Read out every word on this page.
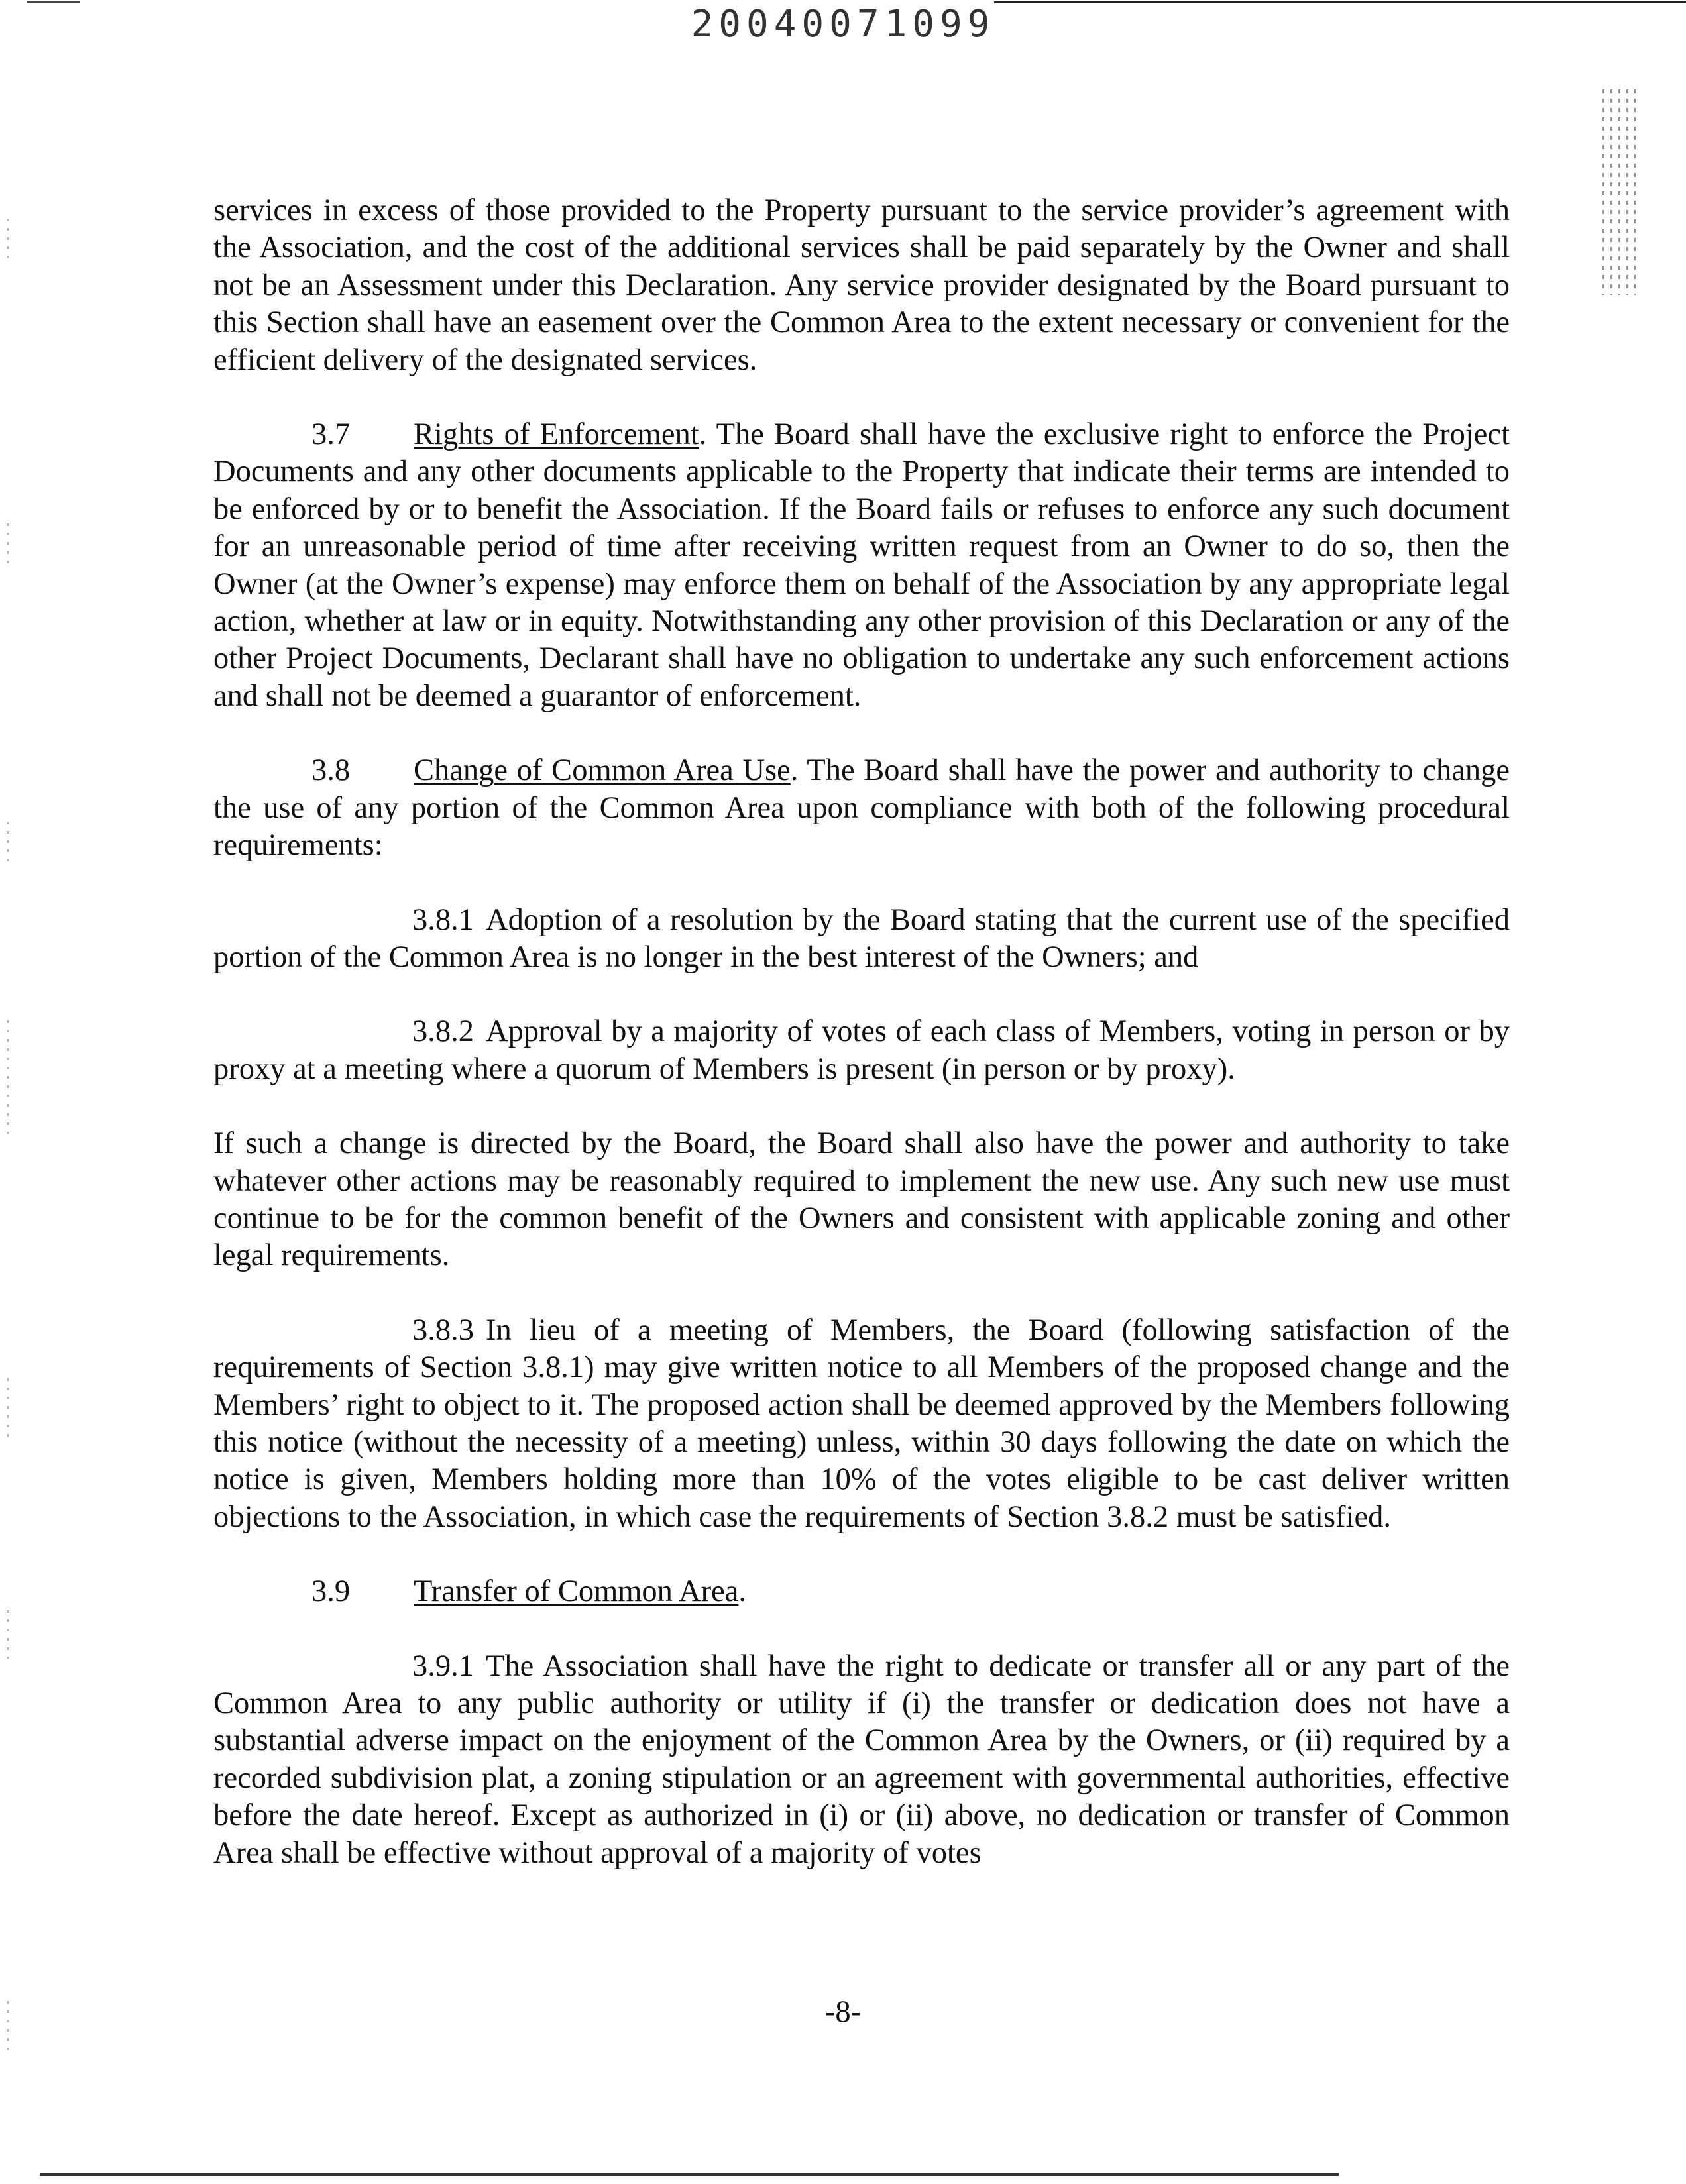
20040071099

services in excess of those provided to the Property pursuant to the service provider’s agreement with the Association, and the cost of the additional services shall be paid separately by the Owner and shall not be an Assessment under this Declaration. Any service provider designated by the Board pursuant to this Section shall have an easement over the Common Area to the extent necessary or convenient for the efficient delivery of the designated services.

3.7 Rights of Enforcement. The Board shall have the exclusive right to enforce the Project Documents and any other documents applicable to the Property that indicate their terms are intended to be enforced by or to benefit the Association. If the Board fails or refuses to enforce any such document for an unreasonable period of time after receiving written request from an Owner to do so, then the Owner (at the Owner’s expense) may enforce them on behalf of the Association by any appropriate legal action, whether at law or in equity. Notwithstanding any other provision of this Declaration or any of the other Project Documents, Declarant shall have no obligation to undertake any such enforcement actions and shall not be deemed a guarantor of enforcement.

3.8 Change of Common Area Use. The Board shall have the power and authority to change the use of any portion of the Common Area upon compliance with both of the following procedural requirements:

3.8.1 Adoption of a resolution by the Board stating that the current use of the specified portion of the Common Area is no longer in the best interest of the Owners; and

3.8.2 Approval by a majority of votes of each class of Members, voting in person or by proxy at a meeting where a quorum of Members is present (in person or by proxy).

If such a change is directed by the Board, the Board shall also have the power and authority to take whatever other actions may be reasonably required to implement the new use. Any such new use must continue to be for the common benefit of the Owners and consistent with applicable zoning and other legal requirements.

3.8.3 In lieu of a meeting of Members, the Board (following satisfaction of the requirements of Section 3.8.1) may give written notice to all Members of the proposed change and the Members’ right to object to it. The proposed action shall be deemed approved by the Members following this notice (without the necessity of a meeting) unless, within 30 days following the date on which the notice is given, Members holding more than 10% of the votes eligible to be cast deliver written objections to the Association, in which case the requirements of Section 3.8.2 must be satisfied.

3.9 Transfer of Common Area.

3.9.1 The Association shall have the right to dedicate or transfer all or any part of the Common Area to any public authority or utility if (i) the transfer or dedication does not have a substantial adverse impact on the enjoyment of the Common Area by the Owners, or (ii) required by a recorded subdivision plat, a zoning stipulation or an agreement with governmental authorities, effective before the date hereof. Except as authorized in (i) or (ii) above, no dedication or transfer of Common Area shall be effective without approval of a majority of votes

-8-
